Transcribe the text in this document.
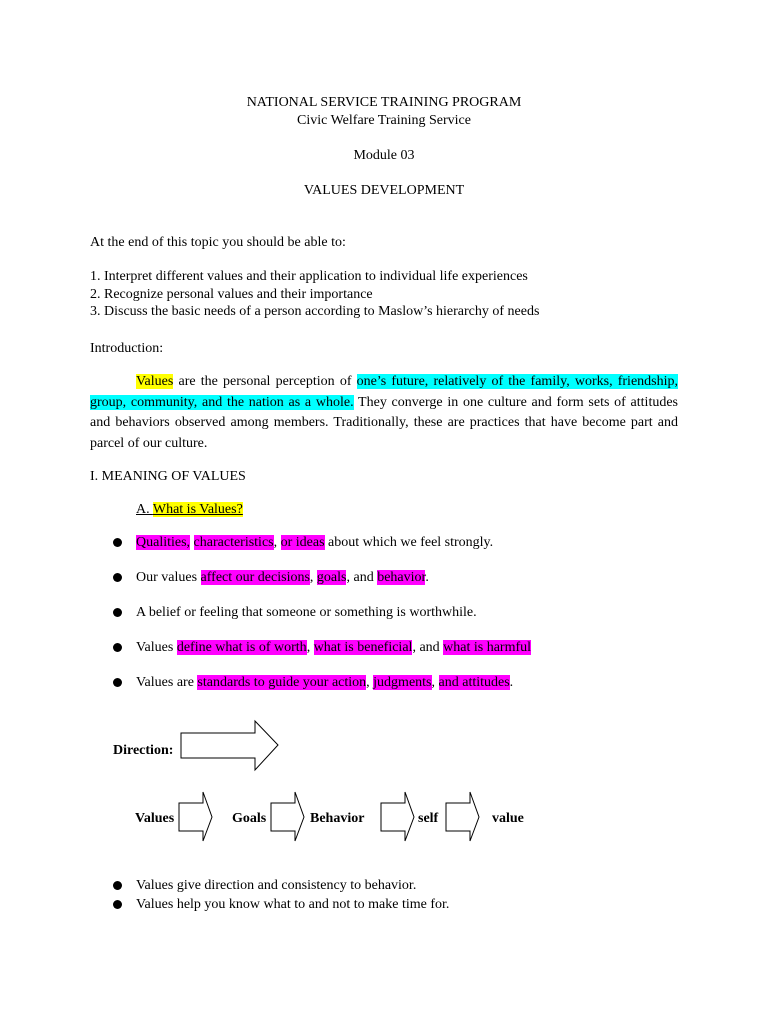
NATIONAL SERVICE TRAINING PROGRAM
Civic Welfare Training Service
Module 03
VALUES DEVELOPMENT
At the end of this topic you should be able to:
1. Interpret different values and their application to individual life experiences
2. Recognize personal values and their importance
3. Discuss the basic needs of a person according to Maslow’s hierarchy of needs
Introduction:
Values are the personal perception of one’s future, relatively of the family, works, friendship, group, community, and the nation as a whole. They converge in one culture and form sets of attitudes and behaviors observed among members. Traditionally, these are practices that have become part and parcel of our culture.
I. MEANING OF VALUES
A. What is Values?
Qualities, characteristics, or ideas about which we feel strongly.
Our values affect our decisions, goals, and behavior.
A belief or feeling that someone or something is worthwhile.
Values define what is of worth, what is beneficial, and what is harmful
Values are standards to guide your action, judgments, and attitudes.
Direction:
Values	Goals	Behavior	self	value
Values give direction and consistency to behavior.
Values help you know what to and not to make time for.
